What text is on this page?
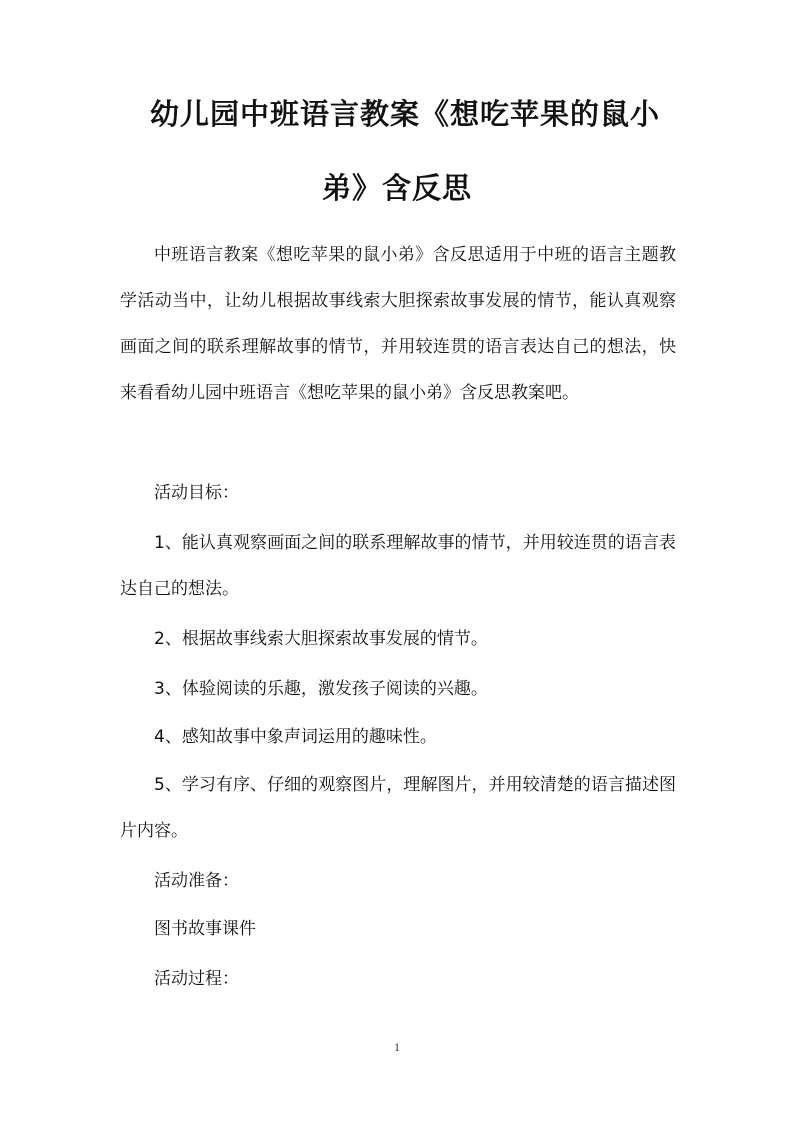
幼儿园中班语言教案《想吃苹果的鼠小
弟》含反思

中班语言教案《想吃苹果的鼠小弟》含反思适用于中班的语言主题教学活动当中，让幼儿根据故事线索大胆探索故事发展的情节，能认真观察画面之间的联系理解故事的情节，并用较连贯的语言表达自己的想法，快来看看幼儿园中班语言《想吃苹果的鼠小弟》含反思教案吧。

活动目标：

1、能认真观察画面之间的联系理解故事的情节，并用较连贯的语言表达自己的想法。

2、根据故事线索大胆探索故事发展的情节。

3、体验阅读的乐趣，激发孩子阅读的兴趣。

4、感知故事中象声词运用的趣味性。

5、学习有序、仔细的观察图片，理解图片，并用较清楚的语言描述图片内容。

活动准备：

图书故事课件

活动过程：

1
